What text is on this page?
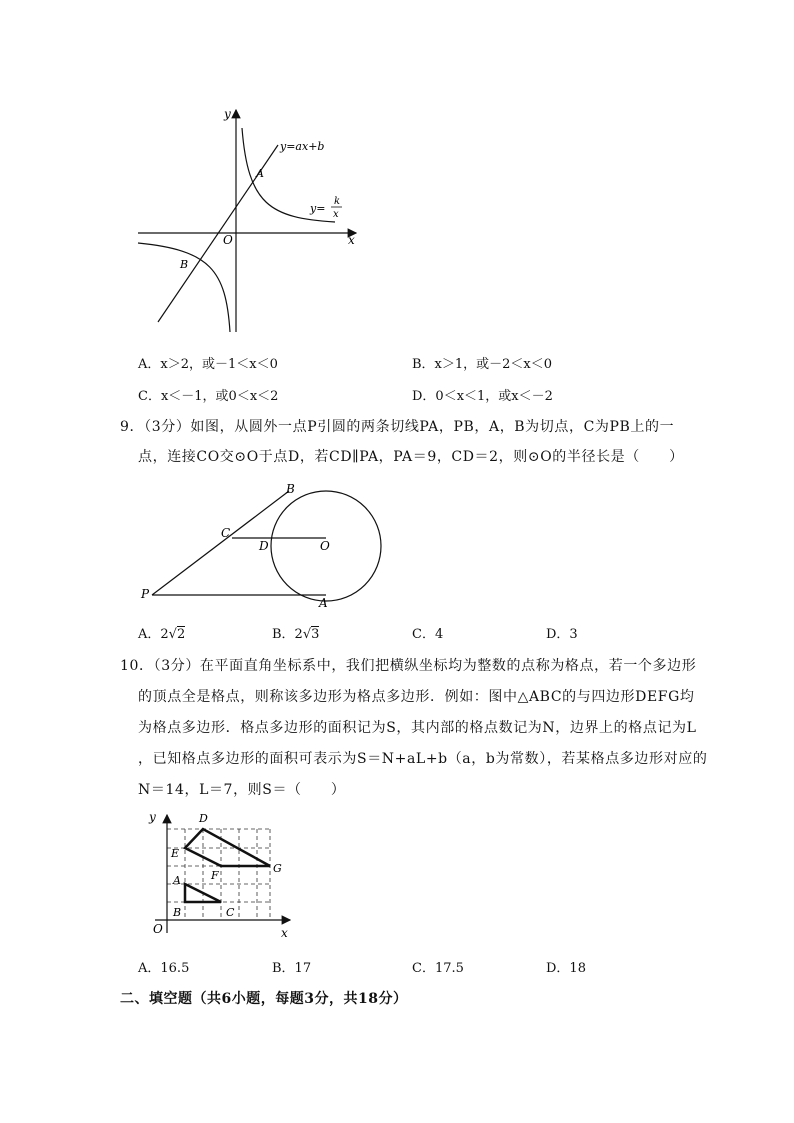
y
x
O
y=ax+b
A
B
y=
k
x
A．x＞2，或－1＜x＜0	B．x＞1，或－2＜x＜0
C．x＜－1，或0＜x＜2	D．0＜x＜1，或x＜－2
9．（3分）如图，从圆外一点P引圆的两条切线PA，PB，A，B为切点，C为PB上的一
点，连接CO交⊙O于点D，若CD∥PA，PA＝9，CD＝2，则⊙O的半径长是（　　）
P
A
B
C
D	O
A．2√2	B．2√3	C．4	D．3
10．（3分）在平面直角坐标系中，我们把横纵坐标均为整数的点称为格点，若一个多边形
的顶点全是格点，则称该多边形为格点多边形．例如：图中△ABC的与四边形DEFG均
为格点多边形．格点多边形的面积记为S，其内部的格点数记为N，边界上的格点记为L
，已知格点多边形的面积可表示为S＝N+aL+b（a，b为常数），若某格点多边形对应的
N＝14，L＝7，则S＝（　　）
y
x
O
D
E
F
G
A
B	C
A．16.5	B．17	C．17.5	D．18
二、填空题（共6小题，每题3分，共18分）
